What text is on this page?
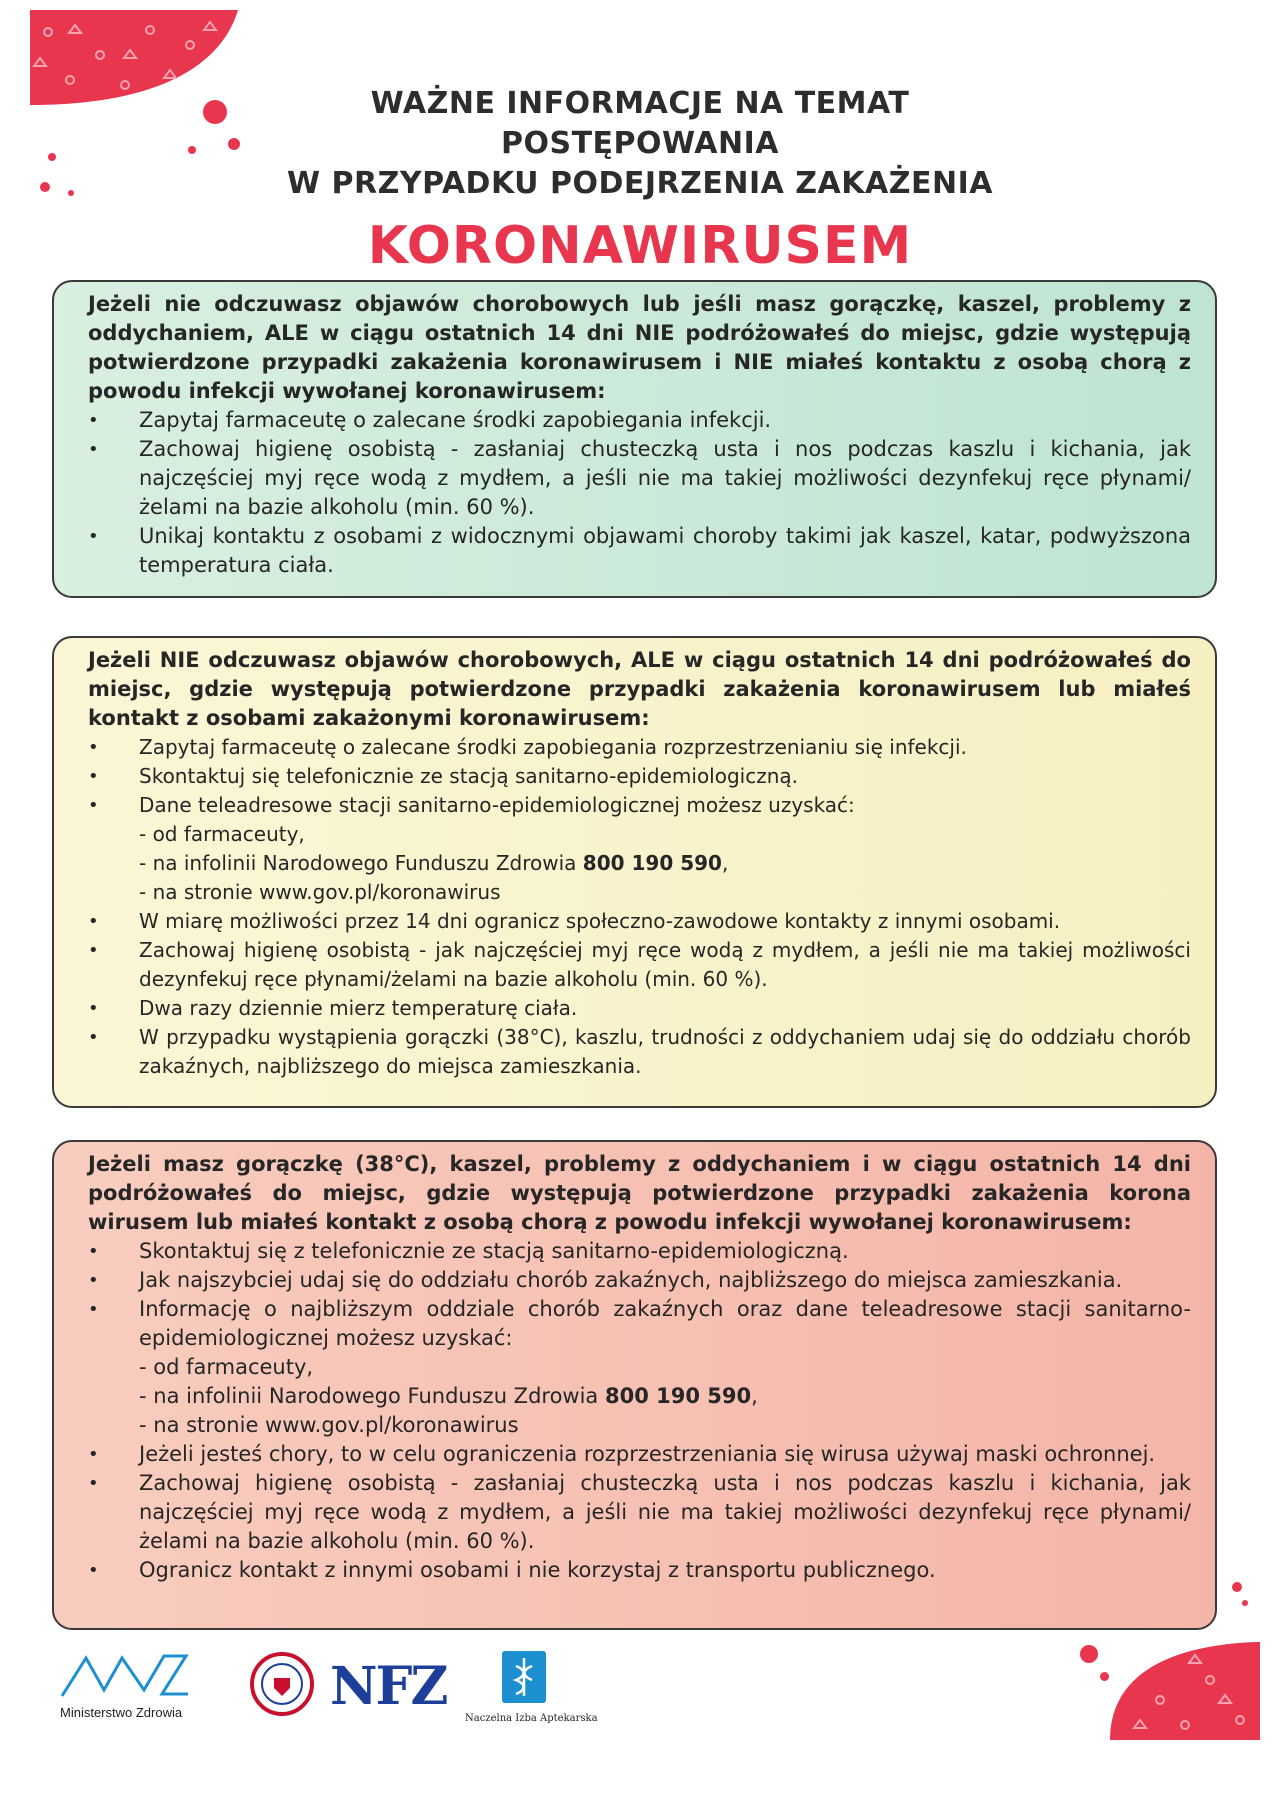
WAŻNE INFORMACJE NA TEMAT POSTĘPOWANIA
W PRZYPADKU PODEJRZENIA ZAKAŻENIA
KORONAWIRUSEM
Jeżeli nie odczuwasz objawów chorobowych lub jeśli masz gorączkę, kaszel, problemy z oddychaniem, ALE w ciągu ostatnich 14 dni NIE podróżowałeś do miejsc, gdzie występują potwierdzone przypadki zakażenia koronawirusem i NIE miałeś kontaktu z osobą chorą z powodu infekcji wywołanej koronawirusem:
• Zapytaj farmaceutę o zalecane środki zapobiegania infekcji.
• Zachowaj higienę osobistą - zasłaniaj chusteczką usta i nos podczas kaszlu i kichania, jak najczęściej myj ręce wodą z mydłem, a jeśli nie ma takiej możliwości dezynfekuj ręce płynami/żelami na bazie alkoholu (min. 60 %).
• Unikaj kontaktu z osobami z widocznymi objawami choroby takimi jak kaszel, katar, podwyższona temperatura ciała.
Jeżeli NIE odczuwasz objawów chorobowych, ALE w ciągu ostatnich 14 dni podróżowałeś do miejsc, gdzie występują potwierdzone przypadki zakażenia koronawirusem lub miałeś kontakt z osobami zakażonymi koronawirusem:
• Zapytaj farmaceutę o zalecane środki zapobiegania rozprzestrzenianiu się infekcji.
• Skontaktuj się telefonicznie ze stacją sanitarno-epidemiologiczną.
• Dane teleadresowe stacji sanitarno-epidemiologicznej możesz uzyskać:
- od farmaceuty,
- na infolinii Narodowego Funduszu Zdrowia 800 190 590,
- na stronie www.gov.pl/koronawirus
• W miarę możliwości przez 14 dni ogranicz społeczno-zawodowe kontakty z innymi osobami.
• Zachowaj higienę osobistą - jak najczęściej myj ręce wodą z mydłem, a jeśli nie ma takiej możliwości dezynfekuj ręce płynami/żelami na bazie alkoholu (min. 60 %).
• Dwa razy dziennie mierz temperaturę ciała.
• W przypadku wystąpienia gorączki (38°C), kaszlu, trudności z oddychaniem udaj się do oddziału chorób zakaźnych, najbliższego do miejsca zamieszkania.
Jeżeli masz gorączkę (38°C), kaszel, problemy z oddychaniem i w ciągu ostatnich 14 dni podróżowałeś do miejsc, gdzie występują potwierdzone przypadki zakażenia korona wirusem lub miałeś kontakt z osobą chorą z powodu infekcji wywołanej koronawirusem:
• Skontaktuj się z telefonicznie ze stacją sanitarno-epidemiologiczną.
• Jak najszybciej udaj się do oddziału chorób zakaźnych, najbliższego do miejsca zamieszkania.
• Informację o najbliższym oddziale chorób zakaźnych oraz dane teleadresowe stacji sanitarno-epidemiologicznej możesz uzyskać:
- od farmaceuty,
- na infolinii Narodowego Funduszu Zdrowia 800 190 590,
- na stronie www.gov.pl/koronawirus
• Jeżeli jesteś chory, to w celu ograniczenia rozprzestrzeniania się wirusa używaj maski ochronnej.
• Zachowaj higienę osobistą - zasłaniaj chusteczką usta i nos podczas kaszlu i kichania, jak najczęściej myj ręce wodą z mydłem, a jeśli nie ma takiej możliwości dezynfekuj ręce płynami/żelami na bazie alkoholu (min. 60 %).
• Ogranicz kontakt z innymi osobami i nie korzystaj z transportu publicznego.
Ministerstwo Zdrowia	NFZ
Naczelna Izba Aptekarska
